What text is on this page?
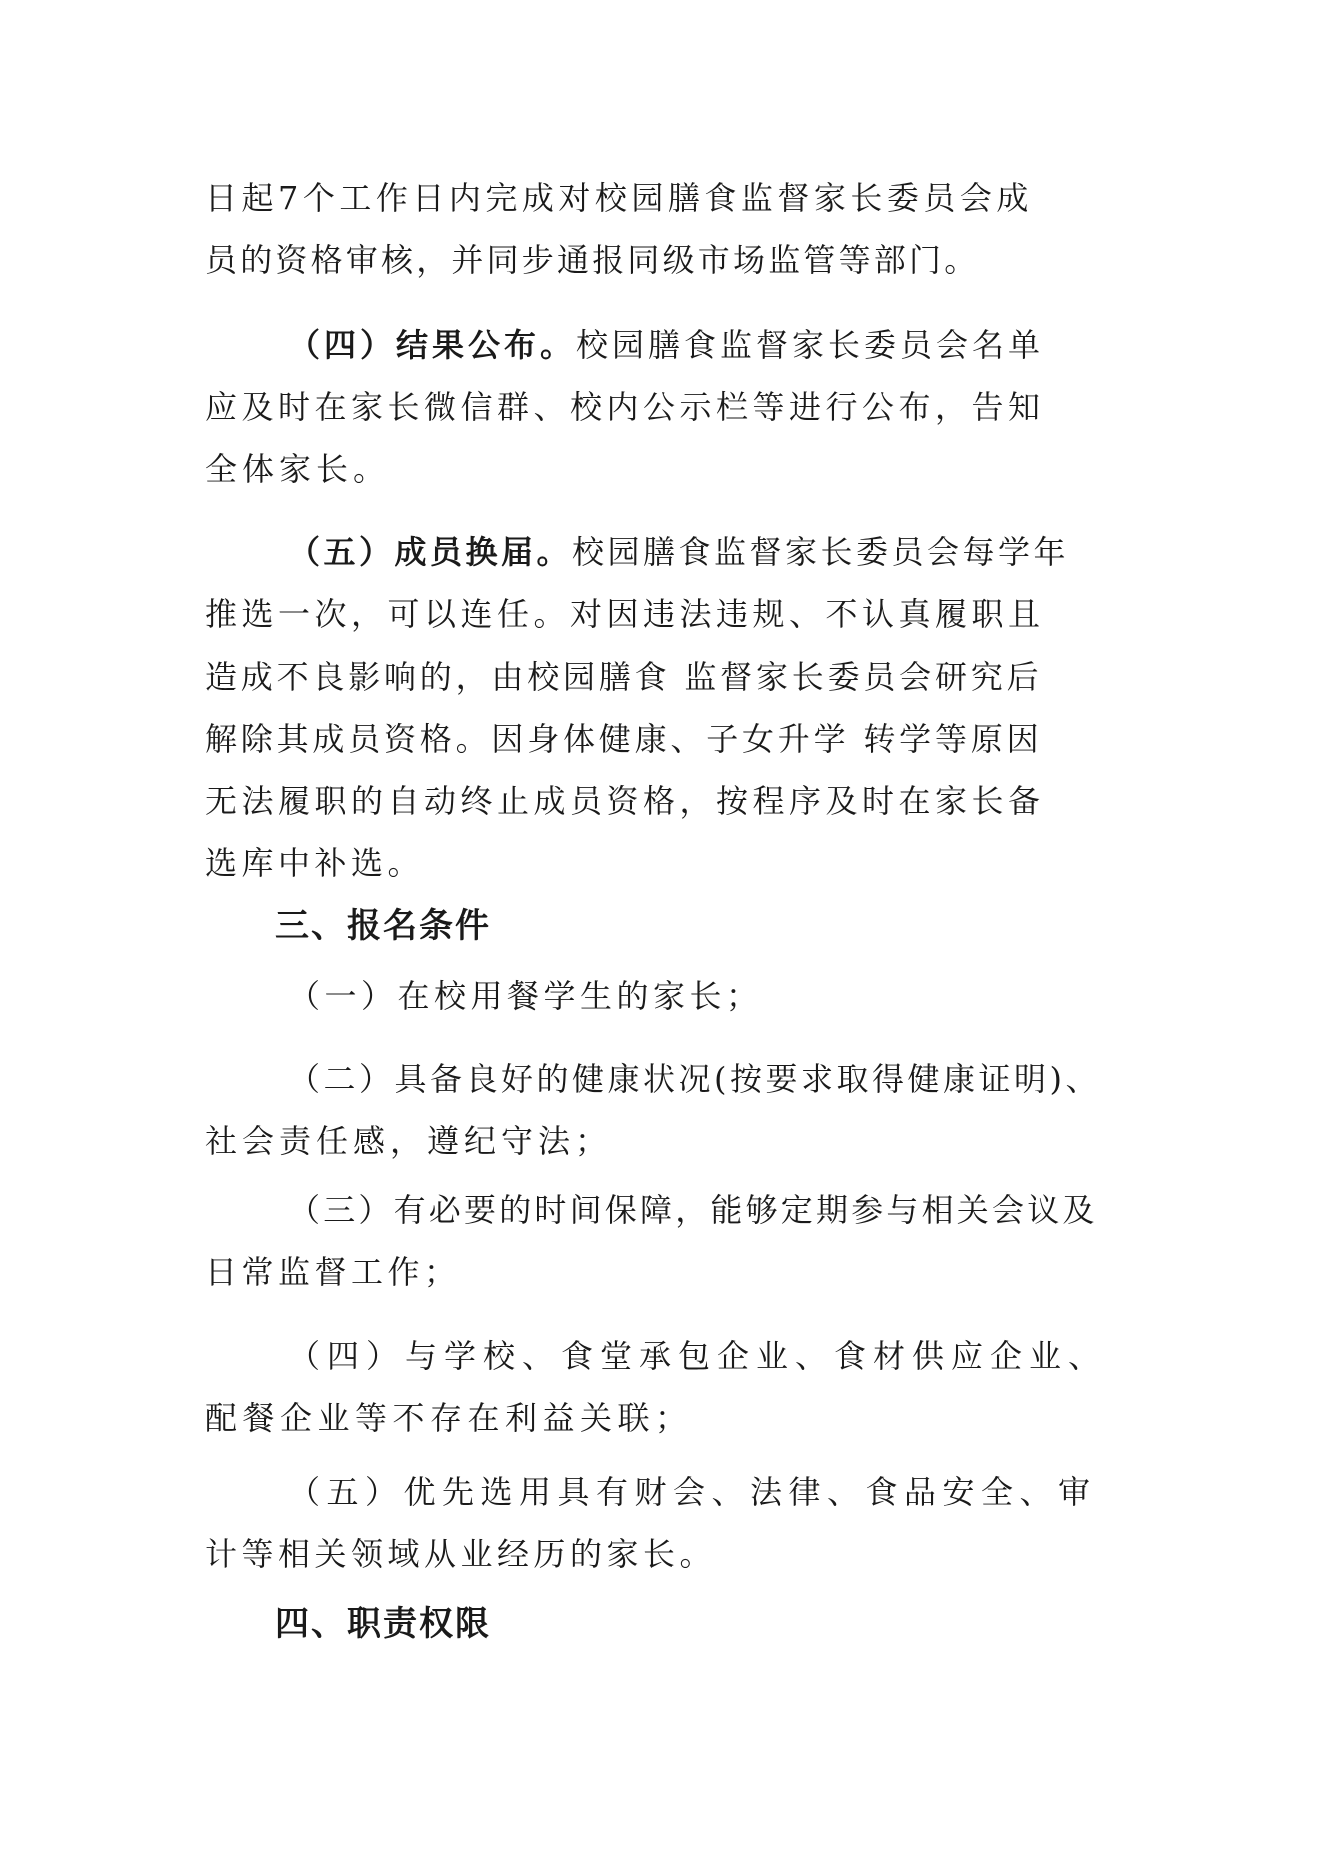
日起7个工作日内完成对校园膳食监督家长委员会成
员的资格审核，并同步通报同级市场监管等部门。
（四）结果公布。校园膳食监督家长委员会名单
应及时在家长微信群、校内公示栏等进行公布，告知
全体家长。
（五）成员换届。校园膳食监督家长委员会每学年
推选一次，可以连任。对因违法违规、不认真履职且
造成不良影响的，由校园膳食 监督家长委员会研究后
解除其成员资格。因身体健康、子女升学 转学等原因
无法履职的自动终止成员资格，按程序及时在家长备
选库中补选。
三、报名条件
（一）在校用餐学生的家长；
（二）具备良好的健康状况(按要求取得健康证明)、
社会责任感，遵纪守法；
（三）有必要的时间保障，能够定期参与相关会议及
日常监督工作；
（四）与学校、食堂承包企业、食材供应企业、
配餐企业等不存在利益关联；
（五）优先选用具有财会、法律、食品安全、审
计等相关领域从业经历的家长。
四、职责权限
